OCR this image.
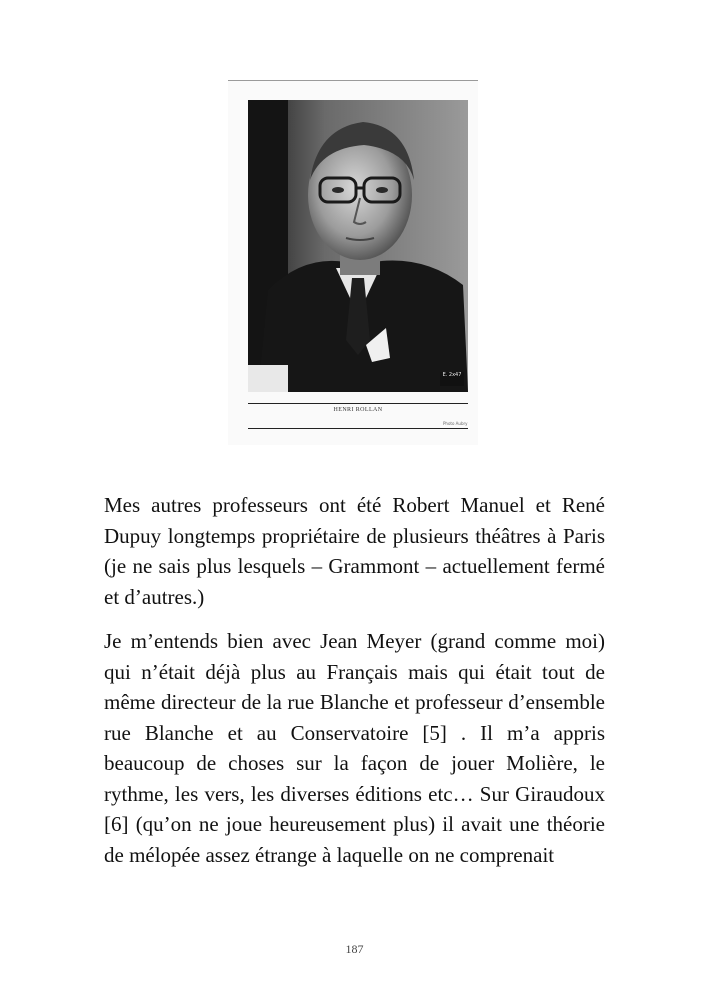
E. 2x47
HENRI ROLLAN
Photo Aubry

Mes autres professeurs ont été Robert Manuel et René Dupuy longtemps propriétaire de plusieurs théâtres à Paris (je ne sais plus lesquels – Grammont – actuellement fermé et d’autres.)

Je m’entends bien avec Jean Meyer (grand comme moi) qui n’était déjà plus au Français mais qui était tout de même directeur de la rue Blanche et professeur d’ensemble rue Blanche et au Conservatoire [5] . Il m’a appris beaucoup de choses sur la façon de jouer Molière, le rythme, les vers, les diverses éditions etc… Sur Giraudoux [6] (qu’on ne joue heureusement plus) il avait une théorie de mélopée assez étrange à laquelle on ne comprenait

187
